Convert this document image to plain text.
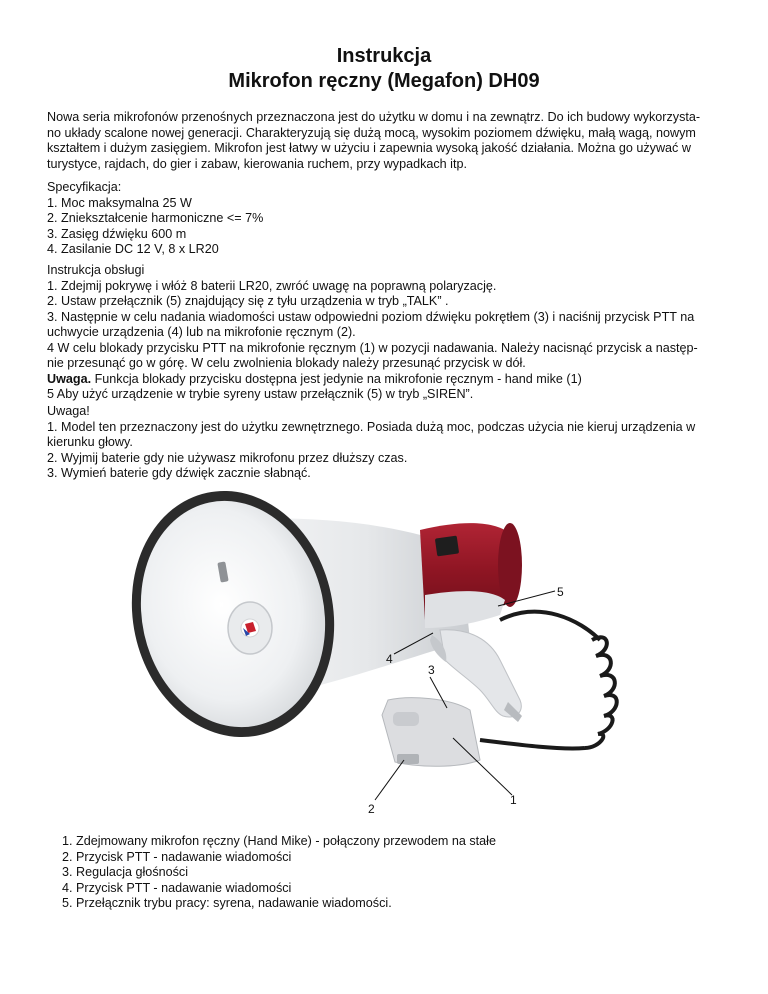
Instrukcja
Mikrofon ręczny (Megafon) DH09

Nowa seria mikrofonów przenośnych przeznaczona jest do użytku w domu i na zewnątrz. Do ich budowy wykorzysta-

no układy scalone nowej generacji. Charakteryzują się dużą mocą, wysokim poziomem dźwięku, małą wagą, nowym

kształtem i dużym zasięgiem. Mikrofon jest łatwy w użyciu i zapewnia wysoką jakość działania. Można go używać w

turystyce, rajdach, do gier i zabaw, kierowania ruchem, przy wypadkach itp.

Specyfikacja:

1. Moc maksymalna 25 W

2. Zniekształcenie harmoniczne <= 7%

3. Zasięg dźwięku 600 m

4. Zasilanie DC 12 V, 8 x LR20

Instrukcja obsługi

1. Zdejmij pokrywę i włóż 8 baterii LR20, zwróć uwagę na poprawną polaryzację.

2. Ustaw przełącznik (5) znajdujący się z tyłu urządzenia w tryb „TALK” .

3. Następnie w celu nadania wiadomości ustaw odpowiedni poziom dźwięku pokrętłem (3) i naciśnij przycisk PTT na

uchwycie urządzenia (4) lub na mikrofonie ręcznym (2).

4 W celu blokady przycisku PTT na mikrofonie ręcznym (1) w pozycji nadawania. Należy nacisnąć przycisk a następ-

nie przesunąć go w górę. W celu zwolnienia blokady należy przesunąć przycisk w dół.

Uwaga. Funkcja blokady przycisku dostępna jest jedynie na mikrofonie ręcznym - hand mike (1)

5 Aby użyć urządzenie w trybie syreny ustaw przełącznik (5) w tryb „SIREN”.

Uwaga!

1. Model ten przeznaczony jest do użytku zewnętrznego. Posiada dużą moc, podczas użycia nie kieruj urządzenia w

kierunku głowy.

2. Wyjmij baterie gdy nie używasz mikrofonu przez dłuższy czas.

3. Wymień baterie gdy dźwięk zacznie słabnąć.

5
4
3
1
2
1. Zdejmowany mikrofon ręczny (Hand Mike) - połączony przewodem na stałe
2. Przycisk PTT - nadawanie wiadomości
3. Regulacja głośności
4. Przycisk PTT - nadawanie wiadomości
5. Przełącznik trybu pracy: syrena, nadawanie wiadomości.
